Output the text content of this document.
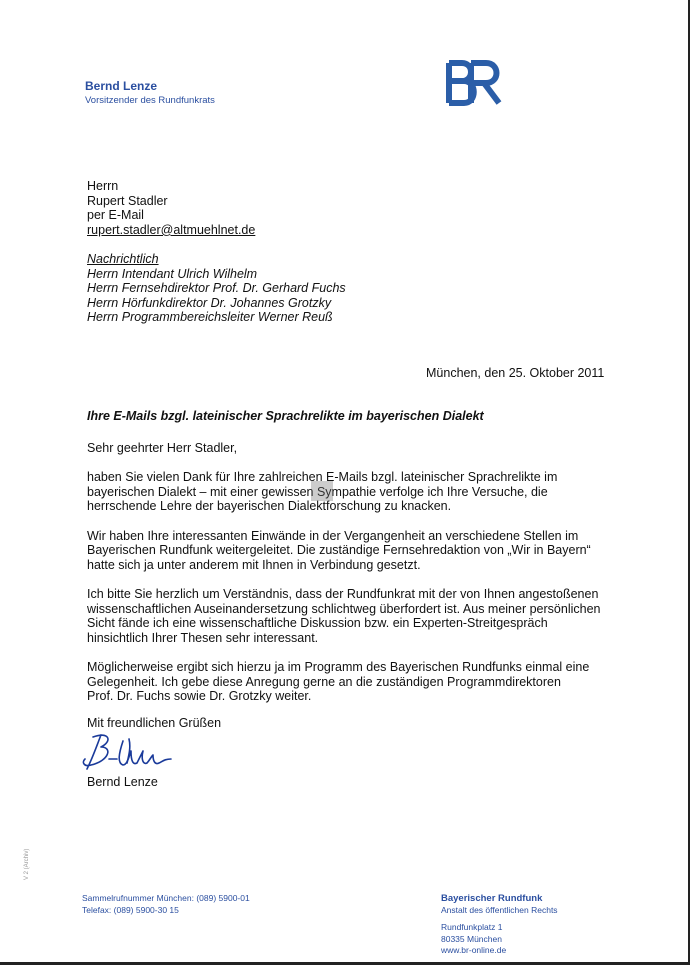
Bernd Lenze
Vorsitzender des Rundfunkrats
Herrn
Rupert Stadler
per E-Mail
rupert.stadler@altmuehlnet.de
Nachrichtlich
Herrn Intendant Ulrich Wilhelm
Herrn Fernsehdirektor Prof. Dr. Gerhard Fuchs
Herrn Hörfunkdirektor Dr. Johannes Grotzky
Herrn Programmbereichsleiter Werner Reuß
München, den 25. Oktober 2011
Ihre E-Mails bzgl. lateinischer Sprachrelikte im bayerischen Dialekt

Sehr geehrter Herr Stadler,

haben Sie vielen Dank für Ihre zahlreichen E-Mails bzgl. lateinischer Sprachrelikte im
bayerischen Dialekt – mit einer gewissen Sympathie verfolge ich Ihre Versuche, die
herrschende Lehre der bayerischen Dialektforschung zu knacken.

Wir haben Ihre interessanten Einwände in der Vergangenheit an verschiedene Stellen im
Bayerischen Rundfunk weitergeleitet. Die zuständige Fernsehredaktion von „Wir in Bayern“
hatte sich ja unter anderem mit Ihnen in Verbindung gesetzt.

Ich bitte Sie herzlich um Verständnis, dass der Rundfunkrat mit der von Ihnen angestoßenen
wissenschaftlichen Auseinandersetzung schlichtweg überfordert ist. Aus meiner persönlichen
Sicht fände ich eine wissenschaftliche Diskussion bzw. ein Experten-Streitgespräch
hinsichtlich Ihrer Thesen sehr interessant.

Möglicherweise ergibt sich hierzu ja im Programm des Bayerischen Rundfunks einmal eine
Gelegenheit. Ich gebe diese Anregung gerne an die zuständigen Programmdirektoren
Prof. Dr. Fuchs sowie Dr. Grotzky weiter.

Mit freundlichen Grüßen
Bernd Lenze
V 2 (Archiv)
Sammelrufnummer München: (089) 5900-01
Telefax: (089) 5900-30 15
Bayerischer Rundfunk
Anstalt des öffentlichen Rechts
Rundfunkplatz 1
80335 München
www.br-online.de
